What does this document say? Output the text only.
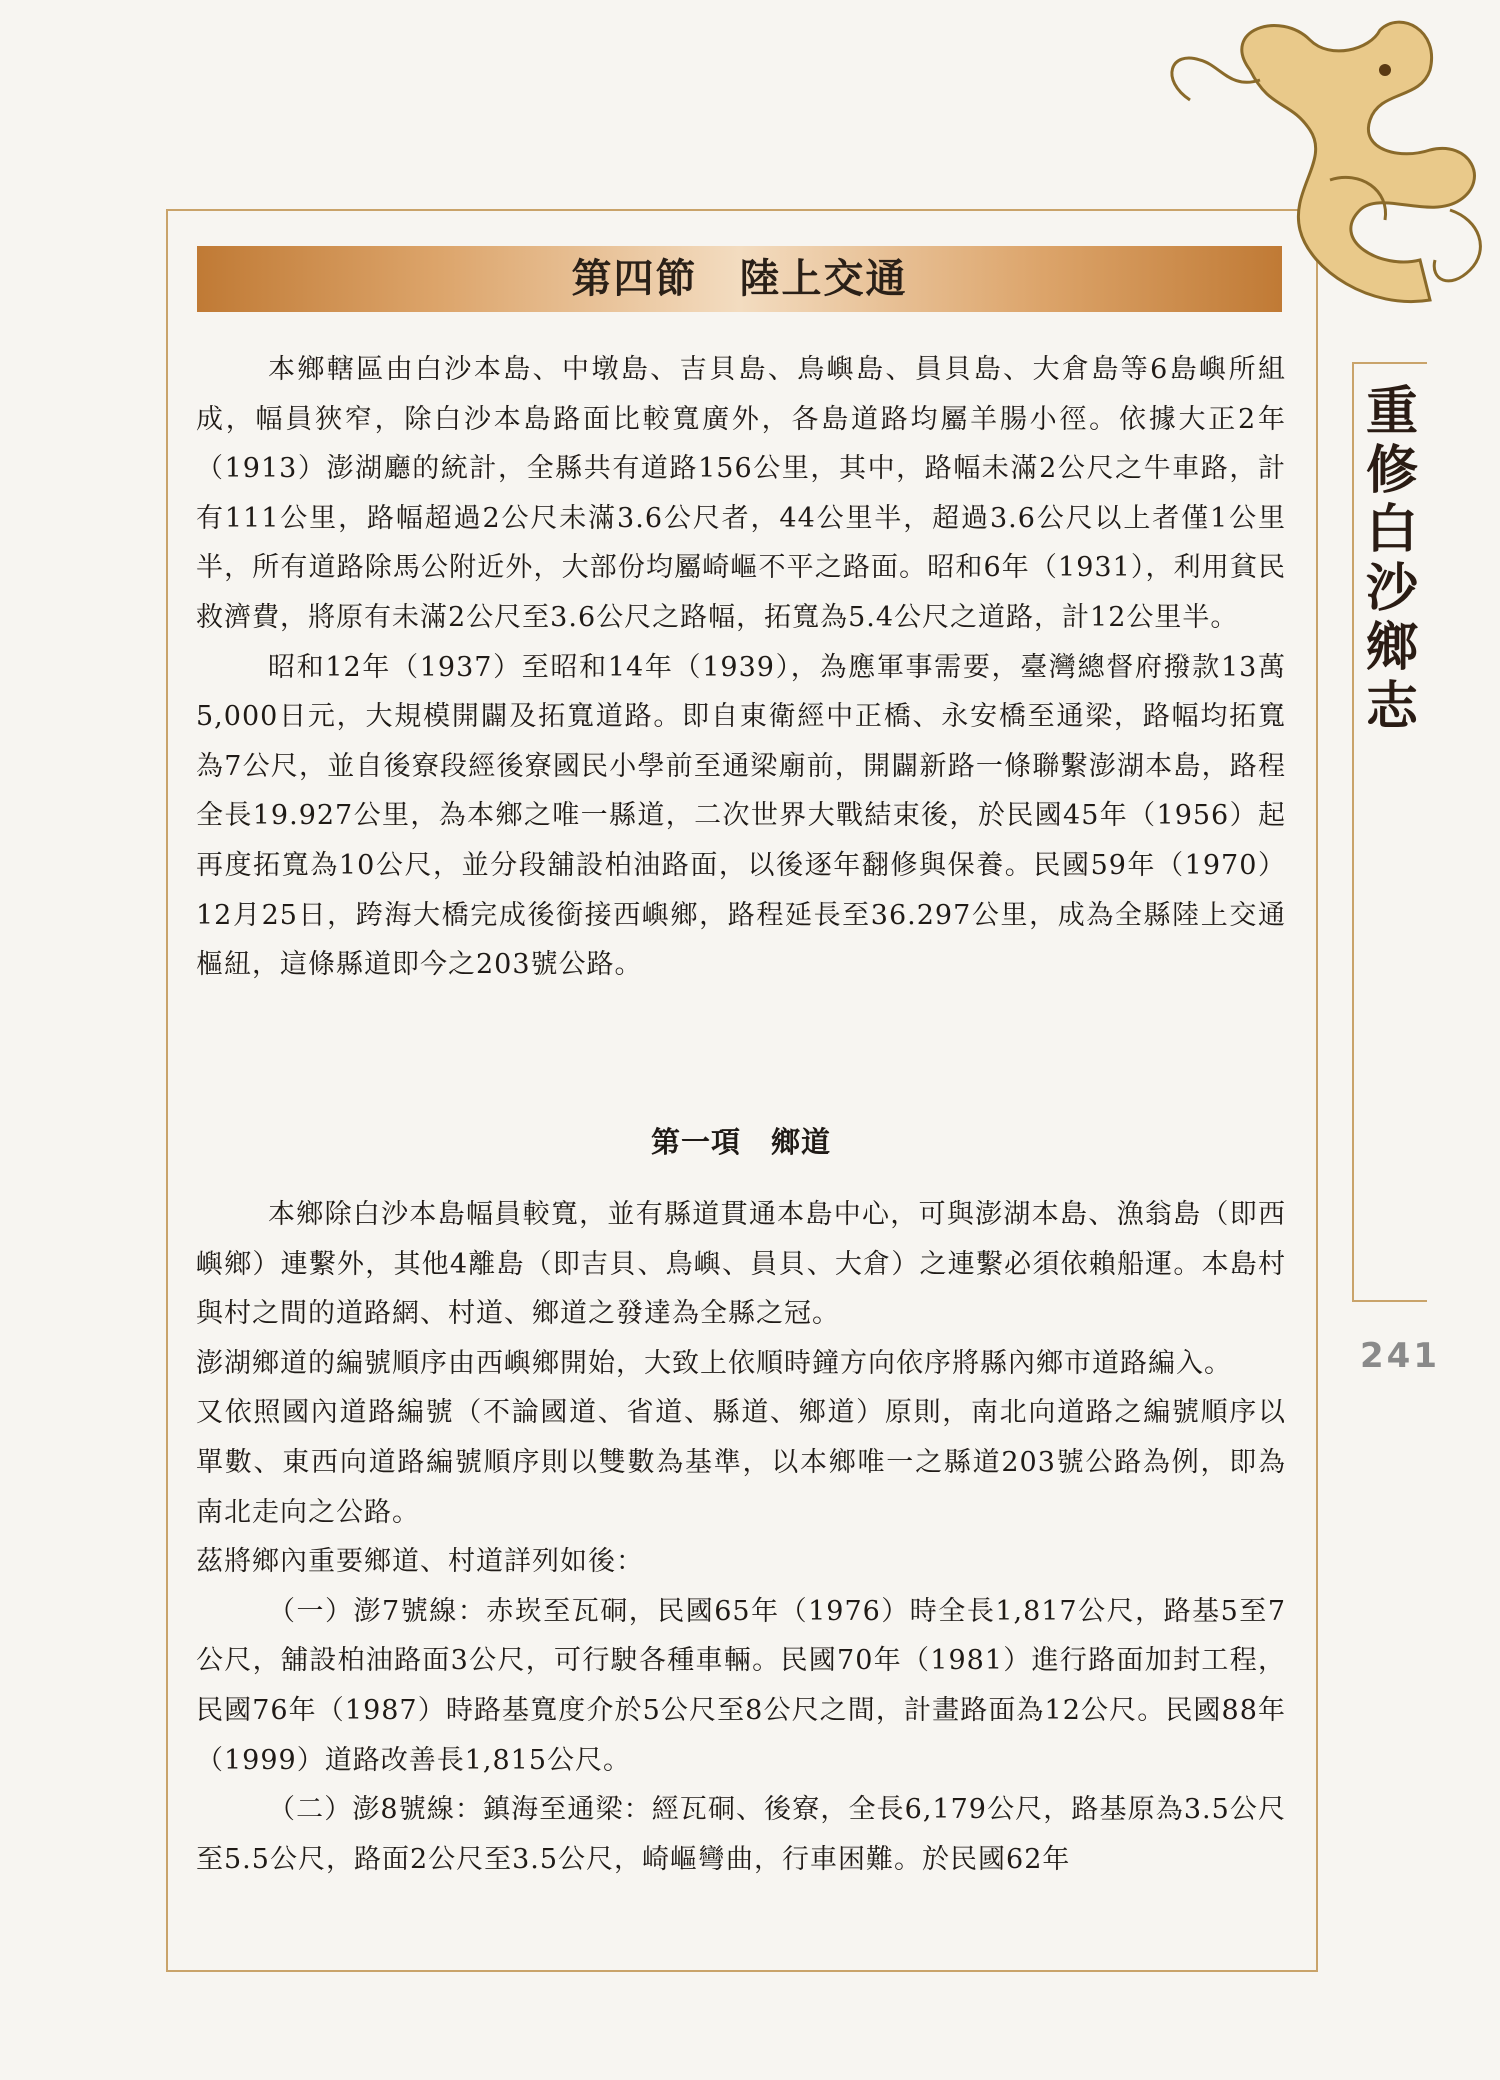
第四節　陸上交通
重修白沙鄉志
241

本鄉轄區由白沙本島、中墩島、吉貝島、鳥嶼島、員貝島、大倉島等6島嶼所組成，幅員狹窄，除白沙本島路面比較寬廣外，各島道路均屬羊腸小徑。依據大正2年（1913）澎湖廳的統計，全縣共有道路156公里，其中，路幅未滿2公尺之牛車路，計有111公里，路幅超過2公尺未滿3.6公尺者，44公里半，超過3.6公尺以上者僅1公里半，所有道路除馬公附近外，大部份均屬崎嶇不平之路面。昭和6年（1931），利用貧民救濟費，將原有未滿2公尺至3.6公尺之路幅，拓寬為5.4公尺之道路，計12公里半。

昭和12年（1937）至昭和14年（1939），為應軍事需要，臺灣總督府撥款13萬5,000日元，大規模開闢及拓寬道路。即自東衛經中正橋、永安橋至通梁，路幅均拓寬為7公尺，並自後寮段經後寮國民小學前至通梁廟前，開闢新路一條聯繫澎湖本島，路程全長19.927公里，為本鄉之唯一縣道，二次世界大戰結束後，於民國45年（1956）起再度拓寬為10公尺，並分段舖設柏油路面，以後逐年翻修與保養。民國59年（1970）12月25日，跨海大橋完成後銜接西嶼鄉，路程延長至36.297公里，成為全縣陸上交通樞紐，這條縣道即今之203號公路。

第一項　鄉道

本鄉除白沙本島幅員較寬，並有縣道貫通本島中心，可與澎湖本島、漁翁島（即西嶼鄉）連繫外，其他4離島（即吉貝、鳥嶼、員貝、大倉）之連繫必須依賴船運。本島村與村之間的道路網、村道、鄉道之發達為全縣之冠。

澎湖鄉道的編號順序由西嶼鄉開始，大致上依順時鐘方向依序將縣內鄉市道路編入。

又依照國內道路編號（不論國道、省道、縣道、鄉道）原則，南北向道路之編號順序以單數、東西向道路編號順序則以雙數為基準，以本鄉唯一之縣道203號公路為例，即為南北走向之公路。

茲將鄉內重要鄉道、村道詳列如後：

（一）澎7號線：赤崁至瓦硐，民國65年（1976）時全長1,817公尺，路基5至7公尺，舖設柏油路面3公尺，可行駛各種車輛。民國70年（1981）進行路面加封工程，民國76年（1987）時路基寬度介於5公尺至8公尺之間，計畫路面為12公尺。民國88年（1999）道路改善長1,815公尺。

（二）澎8號線：鎮海至通梁：經瓦硐、後寮，全長6,179公尺，路基原為3.5公尺至5.5公尺，路面2公尺至3.5公尺，崎嶇彎曲，行車困難。於民國62年
